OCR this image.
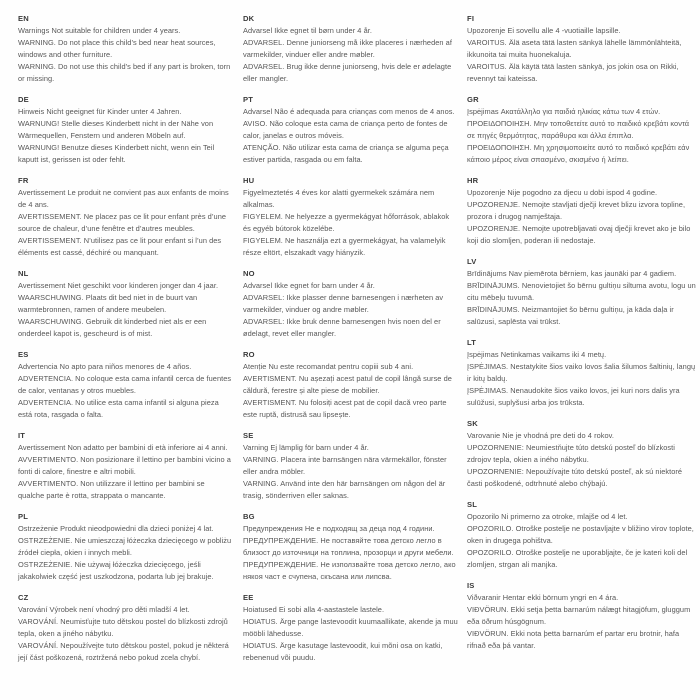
EN

Warnings Not suitable for children under 4 years.

WARNING. Do not place this child’s bed near heat sources, windows and other furniture.

WARNING. Do not use this child’s bed if any part is broken, torn or missing.

DE

Hinweis Nicht geeignet für Kinder unter 4 Jahren.

WARNUNG! Stelle dieses Kinderbett nicht in der Nähe von Wärmequellen, Fenstern und anderen Möbeln auf.

WARNUNG! Benutze dieses Kinderbett nicht, wenn ein Teil kaputt ist, gerissen ist oder fehlt.

FR

Avertissement Le produit ne convient pas aux enfants de moins de 4 ans.

AVERTISSEMENT. Ne placez pas ce lit pour enfant près d’une source de chaleur, d’une fenêtre et d’autres meubles.

AVERTISSEMENT. N’utilisez pas ce lit pour enfant si l’un des éléments est cassé, déchiré ou manquant.

NL

Avertissement Niet geschikt voor kinderen jonger dan 4 jaar.

WAARSCHUWING. Plaats dit bed niet in de buurt van warmtebronnen, ramen of andere meubelen.

WAARSCHUWING. Gebruik dit kinderbed niet als er een onderdeel kapot is, gescheurd is of mist.

ES

Advertencia No apto para niños menores de 4 años.

ADVERTENCIA. No coloque esta cama infantil cerca de fuentes de calor, ventanas y otros muebles.

ADVERTENCIA. No utilice esta cama infantil si alguna pieza está rota, rasgada o falta.

IT

Avertissement Non adatto per bambini di età inferiore ai 4 anni.

AVVERTIMENTO. Non posizionare il lettino per bambini vicino a fonti di calore, finestre e altri mobili.

AVVERTIMENTO. Non utilizzare il lettino per bambini se qualche parte è rotta, strappata o mancante.

PL

Ostrzeżenie Produkt nieodpowiedni dla dzieci poniżej 4 lat.

OSTRZEŻENIE. Nie umieszczaj łóżeczka dziecięcego w pobliżu źródeł ciepła, okien i innych mebli.

OSTRZEŻENIE. Nie używaj łóżeczka dziecięcego, jeśli jakakolwiek część jest uszkodzona, podarta lub jej brakuje.

CZ

Varování Výrobek není vhodný pro děti mladší 4 let.

VAROVÁNÍ. Neumisťujte tuto dětskou postel do blízkosti zdrojů tepla, oken a jiného nábytku.

VAROVÁNÍ. Nepoužívejte tuto dětskou postel, pokud je některá její část poškozená, roztržená nebo pokud zcela chybí.

DK

Advarsel Ikke egnet til børn under 4 år.

ADVARSEL. Denne juniorseng må ikke placeres i nærheden af varmekilder, vinduer eller andre møbler.

ADVARSEL. Brug ikke denne juniorseng, hvis dele er ødelagte eller mangler.

PT

Advarsel Não é adequada para crianças com menos de 4 anos.

AVISO. Não coloque esta cama de criança perto de fontes de calor, janelas e outros móveis.

ATENÇÃO. Não utilizar esta cama de criança se alguma peça estiver partida, rasgada ou em falta.

HU

Figyelmeztetés 4 éves kor alatti gyermekek számára nem alkalmas.

FIGYELEM. Ne helyezze a gyermekágyat hőforrások, ablakok és egyéb bútorok közelébe.

FIGYELEM. Ne használja ezt a gyermekágyat, ha valamelyik része eltört, elszakadt vagy hiányzik.

NO

Advarsel Ikke egnet for barn under 4 år.

ADVARSEL: Ikke plasser denne barnesengen i nærheten av varmekilder, vinduer og andre møbler.

ADVARSEL: Ikke bruk denne barnesengen hvis noen del er ødelagt, revet eller mangler.

RO

Atenție Nu este recomandat pentru copiii sub 4 ani.

AVERTISMENT. Nu așezați acest patul de copil lângă surse de căldură, ferestre și alte piese de mobilier.

AVERTISMENT. Nu folosiți acest pat de copil dacă vreo parte este ruptă, distrusă sau lipsește.

SE

Varning Ej lämplig för barn under 4 år.

VARNING. Placera inte barnsängen nära värmekällor, fönster eller andra möbler.

VARNING. Använd inte den här barnsängen om någon del är trasig, sönderriven eller saknas.

BG

Предупреждения Не е подходящ за деца под 4 години.

ПРЕДУПРЕЖДЕНИЕ. Не поставяйте това детско легло в близост до източници на топлина, прозорци и други мебели.

ПРЕДУПРЕЖДЕНИЕ. Не използвайте това детско легло, ако някоя част е счупена, скъсана или липсва.

EE

Hoiatused Ei sobi alla 4-aastastele lastele.

HOIATUS. Ärge pange lastevoodit kuumaallikate, akende ja muu mööbli lähedusse.

HOIATUS. Ärge kasutage lastevoodit, kui mõni osa on katki, rebenenud või puudu.

FI

Upozorenje Ei sovellu alle 4 -vuotiaille lapsille.

VAROITUS. Älä aseta tätä lasten sänkyä lähelle lämmönlähteitä, ikkunoita tai muita huonekaluja.

VAROITUS. Älä käytä tätä lasten sänkyä, jos jokin osa on Rikki, revennyt tai kateissa.

GR

Įspėjimas Ακατάλληλο για παιδιά ηλικίας κάτω των 4 ετών.

ΠΡΟΕΙΔΟΠΟΙΗΣΗ. Μην τοποθετείτε αυτό το παιδικό κρεβάτι κοντά σε πηγές θερμότητας, παράθυρα και άλλα έπιπλα.

ΠΡΟΕΙΔΟΠΟΙΗΣΗ. Μη χρησιμοποιείτε αυτό το παιδικό κρεβάτι εάν κάποιο μέρος είναι σπασμένο, σκισμένο ή λείπει.

HR

Upozorenje Nije pogodno za djecu u dobi ispod 4 godine.

UPOZORENJE. Nemojte stavljati dječji krevet blizu izvora topline, prozora i drugog namještaja.

UPOZORENJE. Nemojte upotrebljavati ovaj dječji krevet ako je bilo koji dio slomljen, poderan ili nedostaje.

LV

Brīdinājums Nav piemērota bērniem, kas jaunāki par 4 gadiem.

BRĪDINĀJUMS. Nenovietojiet šo bērnu gultiņu siltuma avotu, logu un citu mēbeļu tuvumā.

BRĪDINĀJUMS. Neizmantojiet šo bērnu gultiņu, ja kāda daļa ir salūzusi, saplēsta vai trūkst.

LT

Įspėjimas Netinkamas vaikams iki 4 metų.

ĮSPĖJIMAS. Nestatykite šios vaiko lovos šalia šilumos šaltinių, langų ir kitų baldų.

ĮSPĖJIMAS. Nenaudokite šios vaiko lovos, jei kuri nors dalis yra sulūžusi, suplyšusi arba jos trūksta.

SK

Varovanie Nie je vhodná pre deti do 4 rokov.

UPOZORNENIE: Neumiestňujte túto detskú posteľ do blízkosti zdrojov tepla, okien a iného nábytku.

UPOZORNENIE: Nepoužívajte túto detskú posteľ, ak sú niektoré časti poškodené, odtrhnuté alebo chýbajú.

SL

Opozorilo Ni primerno za otroke, mlajše od 4 let.

OPOZORILO. Otroške postelje ne postavljajte v bližino virov toplote, oken in drugega pohištva.

OPOZORILO. Otroške postelje ne uporabljajte, če je kateri koli del zlomljen, strgan ali manjka.

IS

Viðvaranir Hentar ekki börnum yngri en 4 ára.

VIÐVÖRUN. Ekki setja þetta barnarúm nálægt hitagjöfum, gluggum eða öðrum húsgögnum.

VIÐVÖRUN. Ekki nota þetta barnarúm ef partar eru brotnir, hafa rifnað eða þá vantar.
